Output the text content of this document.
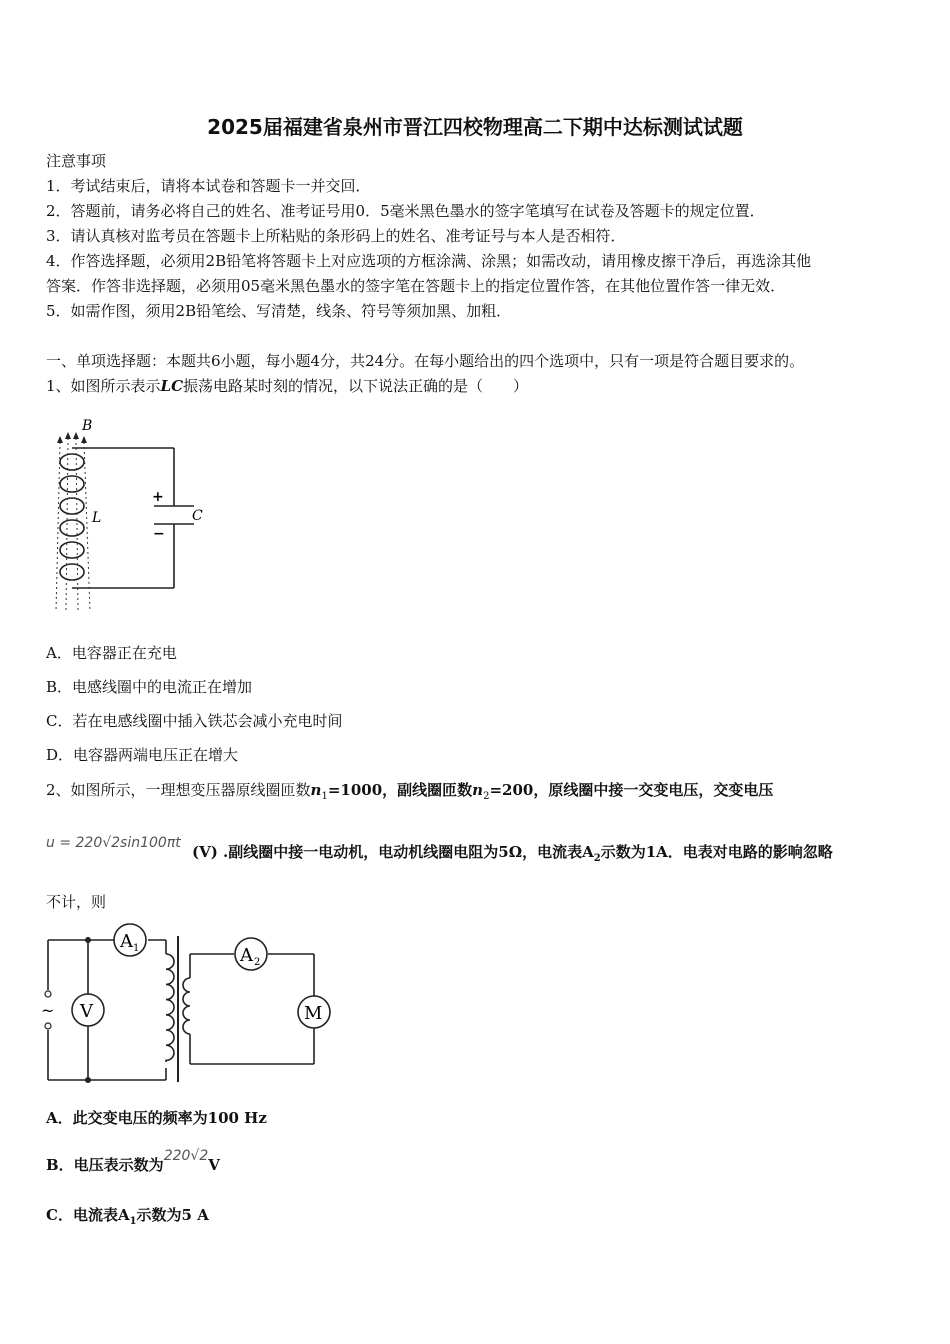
2025届福建省泉州市晋江四校物理高二下期中达标测试试题
注意事项
1．考试结束后，请将本试卷和答题卡一并交回．
2．答题前，请务必将自己的姓名、准考证号用0．5毫米黑色墨水的签字笔填写在试卷及答题卡的规定位置．
3．请认真核对监考员在答题卡上所粘贴的条形码上的姓名、准考证号与本人是否相符．
4．作答选择题，必须用2B铅笔将答题卡上对应选项的方框涂满、涂黑；如需改动，请用橡皮擦干净后，再选涂其他
答案．作答非选择题，必须用05毫米黑色墨水的签字笔在答题卡上的指定位置作答，在其他位置作答一律无效．
5．如需作图，须用2B铅笔绘、写清楚，线条、符号等须加黑、加粗．
一、单项选择题：本题共6小题，每小题4分，共24分。在每小题给出的四个选项中，只有一项是符合题目要求的。
1、如图所示表示LC振荡电路某时刻的情况，以下说法正确的是（　　）
B
L	C
+
−
A．电容器正在充电
B．电感线圈中的电流正在增加
C．若在电感线圈中插入铁芯会减小充电时间
D．电容器两端电压正在增大
2、如图所示，一理想变压器原线圈匝数$n_1=1000$，副线圈匝数$n_2=200$，原线圈中接一交变电压，交变电压
u = 220√2sin100πt (V) .副线圈中接一电动机，电动机线圈电阻为5Ω，电流表$A_2$示数为1A．电表对电路的影响忽略
不计，则
~ V
A 1	A 2
M
A．此交变电压的频率为100 Hz
B．电压表示数为220√2V
C．电流表$A_1$示数为5 A
